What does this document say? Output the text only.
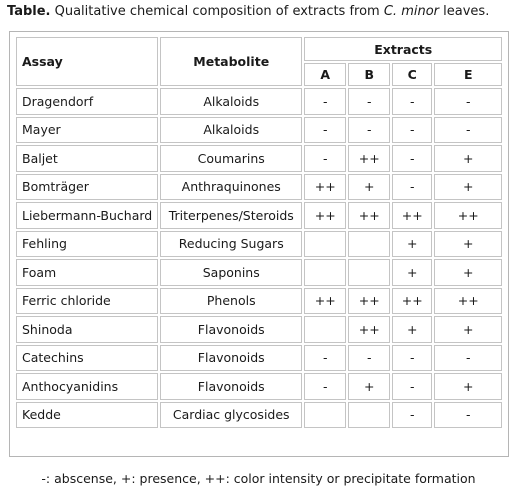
Table. Qualitative chemical composition of extracts from C. minor leaves.
Assay	Metabolite	Extracts			
		A	B	C	E
Dragendorf	Alkaloids	-	-	-	-
Mayer	Alkaloids	-	-	-	-
Baljet	Coumarins	-	++	-	+
Bomträger	Anthraquinones	++	+	-	+
Liebermann-Buchard	Triterpenes/Steroids	++	++	++	++
Fehling	Reducing Sugars			+	+
Foam	Saponins			+	+
Ferric chloride	Phenols	++	++	++	++
Shinoda	Flavonoids		++	+	+
Catechins	Flavonoids	-	-	-	-
Anthocyanidins	Flavonoids	-	+	-	+
Kedde	Cardiac glycosides			-	-
-: abscense, +: presence, ++: color intensity or precipitate formation
